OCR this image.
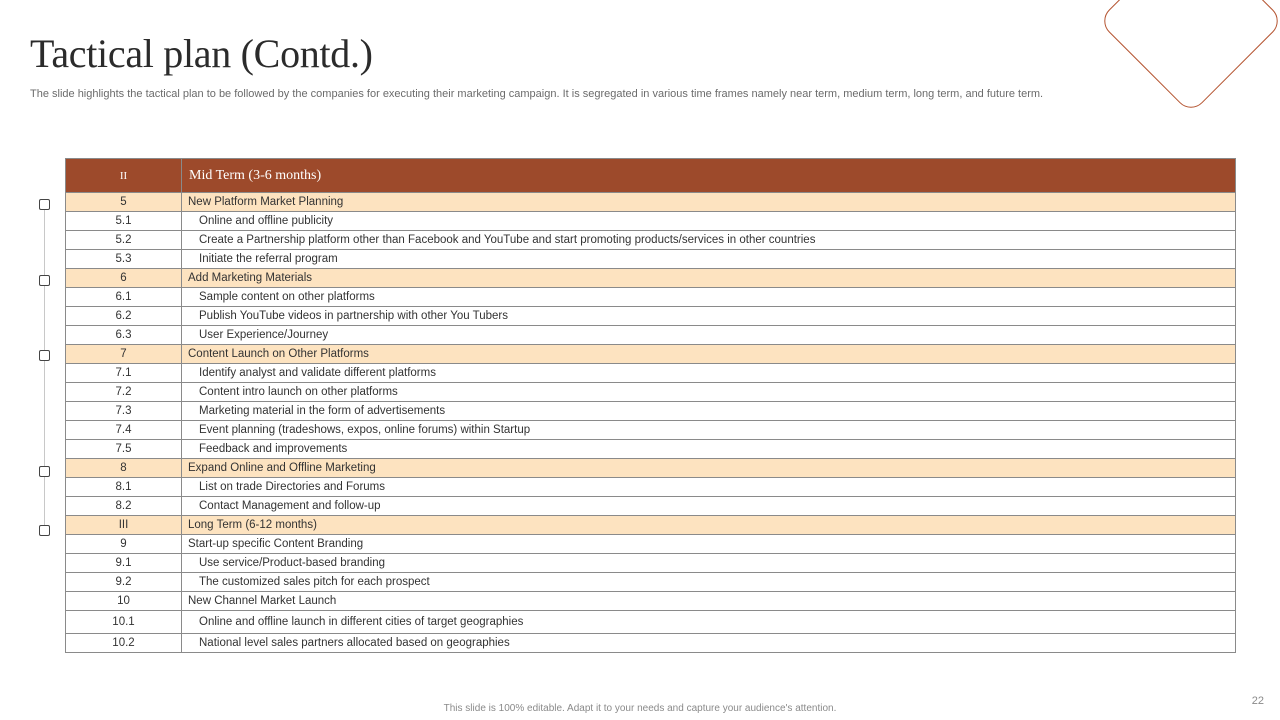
Tactical plan (Contd.)

The slide highlights the tactical plan to be followed by the companies for executing their marketing campaign. It is segregated in various time frames namely near term, medium term, long term, and future term.

II	Mid Term (3-6 months)
5	New Platform Market Planning
5.1	Online and offline publicity
5.2	Create a Partnership platform other than Facebook and YouTube and start promoting products/services in other countries
5.3	Initiate the referral program
6	Add Marketing Materials
6.1	Sample content on other platforms
6.2	Publish YouTube videos in partnership with other You Tubers
6.3	User Experience/Journey
7	Content Launch on Other Platforms
7.1	Identify analyst and validate different platforms
7.2	Content intro launch on other platforms
7.3	Marketing material in the form of advertisements
7.4	Event planning (tradeshows, expos, online forums) within Startup
7.5	Feedback and improvements
8	Expand Online and Offline Marketing
8.1	List on trade Directories and Forums
8.2	Contact Management and follow-up
III	Long Term (6-12 months)
9	Start-up specific Content Branding
9.1	Use service/Product-based branding
9.2	The customized sales pitch for each prospect
10	New Channel Market Launch
10.1	Online and offline launch in different cities of target geographies
10.2	National level sales partners allocated based on geographies
This slide is 100% editable. Adapt it to your needs and capture your audience's attention.
22
